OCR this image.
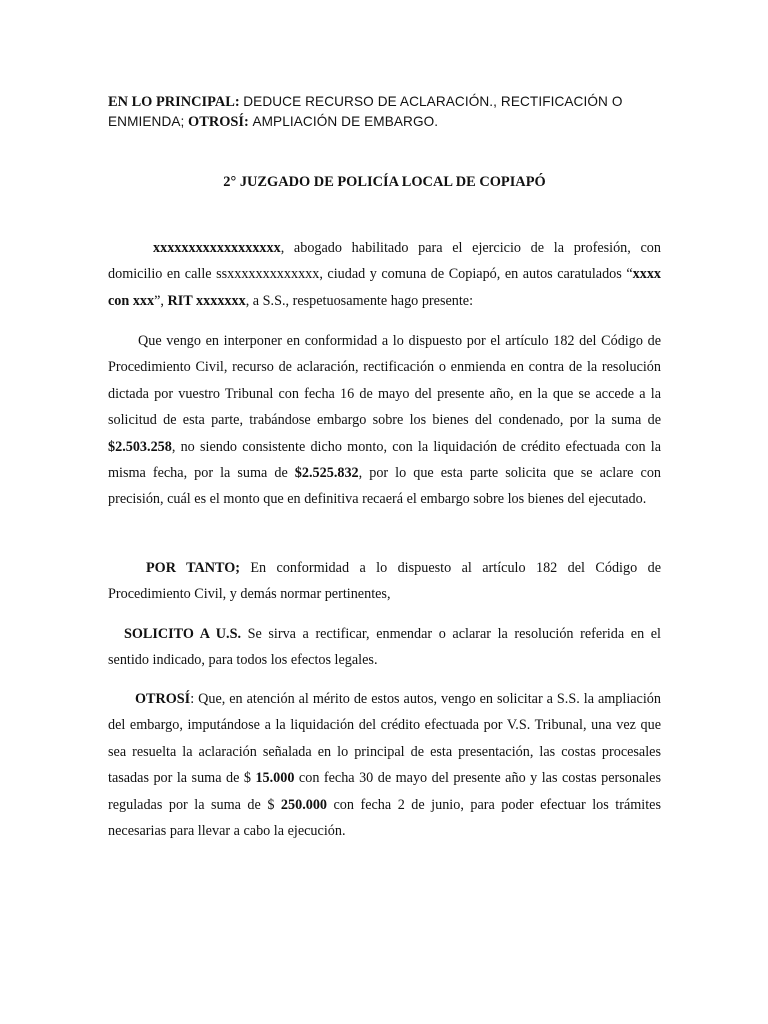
EN LO PRINCIPAL: DEDUCE RECURSO DE ACLARACIÓN., RECTIFICACIÓN O ENMIENDA; OTROSÍ: AMPLIACIÓN DE EMBARGO.
2° JUZGADO DE POLICÍA LOCAL DE COPIAPÓ

xxxxxxxxxxxxxxxxxx, abogado habilitado para el ejercicio de la profesión, con domicilio en calle ssxxxxxxxxxxxxx, ciudad y comuna de Copiapó, en autos caratulados “xxxx con xxx”, RIT xxxxxxx, a S.S., respetuosamente hago presente:

Que vengo en interponer en conformidad a lo dispuesto por el artículo 182 del Código de Procedimiento Civil, recurso de aclaración, rectificación o enmienda en contra de la resolución dictada por vuestro Tribunal con fecha 16 de mayo del presente año, en la que se accede a la solicitud de esta parte, trabándose embargo sobre los bienes del condenado, por la suma de $2.503.258, no siendo consistente dicho monto, con la liquidación de crédito efectuada con la misma fecha, por la suma de $2.525.832, por lo que esta parte solicita que se aclare con precisión, cuál es el monto que en definitiva recaerá el embargo sobre los bienes del ejecutado.

POR TANTO; En conformidad a lo dispuesto al artículo 182 del Código de Procedimiento Civil, y demás normar pertinentes,

SOLICITO A U.S. Se sirva a rectificar, enmendar o aclarar la resolución referida en el sentido indicado, para todos los efectos legales.

OTROSÍ: Que, en atención al mérito de estos autos, vengo en solicitar a S.S. la ampliación del embargo, imputándose a la liquidación del crédito efectuada por V.S. Tribunal, una vez que sea resuelta la aclaración señalada en lo principal de esta presentación, las costas procesales tasadas por la suma de $ 15.000 con fecha 30 de mayo del presente año y las costas personales reguladas por la suma de $ 250.000 con fecha 2 de junio, para poder efectuar los trámites necesarias para llevar a cabo la ejecución.
